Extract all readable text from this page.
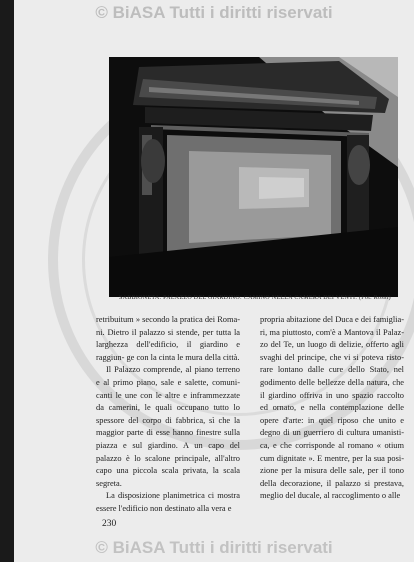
© BiASA Tutti i diritti riservati
SABBIONETA. PALAZZO DEL GIARDINO: CAMINO NELLA CAMERA DEI VENTI. (Fot. Rossi)

retribuitum » secondo la pratica dei Roma- ni. Dietro il palazzo si stende, per tutta la larghezza dell'edificio, il giardino e raggiun- ge con la cinta le mura della città.

Il Palazzo comprende, al piano terreno e al primo piano, sale e salette, comuni- canti le une con le altre e inframmezzate da camerini, le quali occupano tutto lo spessore del corpo di fabbrica, sì che la maggior parte di esse hanno finestre sulla piazza e sul giardino. A un capo del palazzo è lo scalone principale, all'altro capo una piccola scala privata, la scala segreta.

La disposizione planimetrica ci mostra essere l'edificio non destinato alla vera e

propria abitazione del Duca e dei famiglia- ri, ma piuttosto, com'è a Mantova il Palaz- zo del Te, un luogo di delizie, offerto agli svaghi del principe, che vi si poteva risto- rare lontano dalle cure dello Stato, nel godimento delle bellezze della natura, che il giardino offriva in uno spazio raccolto ed ornato, e nella contemplazione delle opere d'arte: in quel riposo che unito e degno di un guerriero di cultura umanisti- ca, e che corrisponde al romano « otium cum dignitate ». E mentre, per la sua posi- zione per la misura delle sale, per il tono della decorazione, il palazzo si prestava, meglio del ducale, al raccoglimento o alle

230
© BiASA Tutti i diritti riservati
